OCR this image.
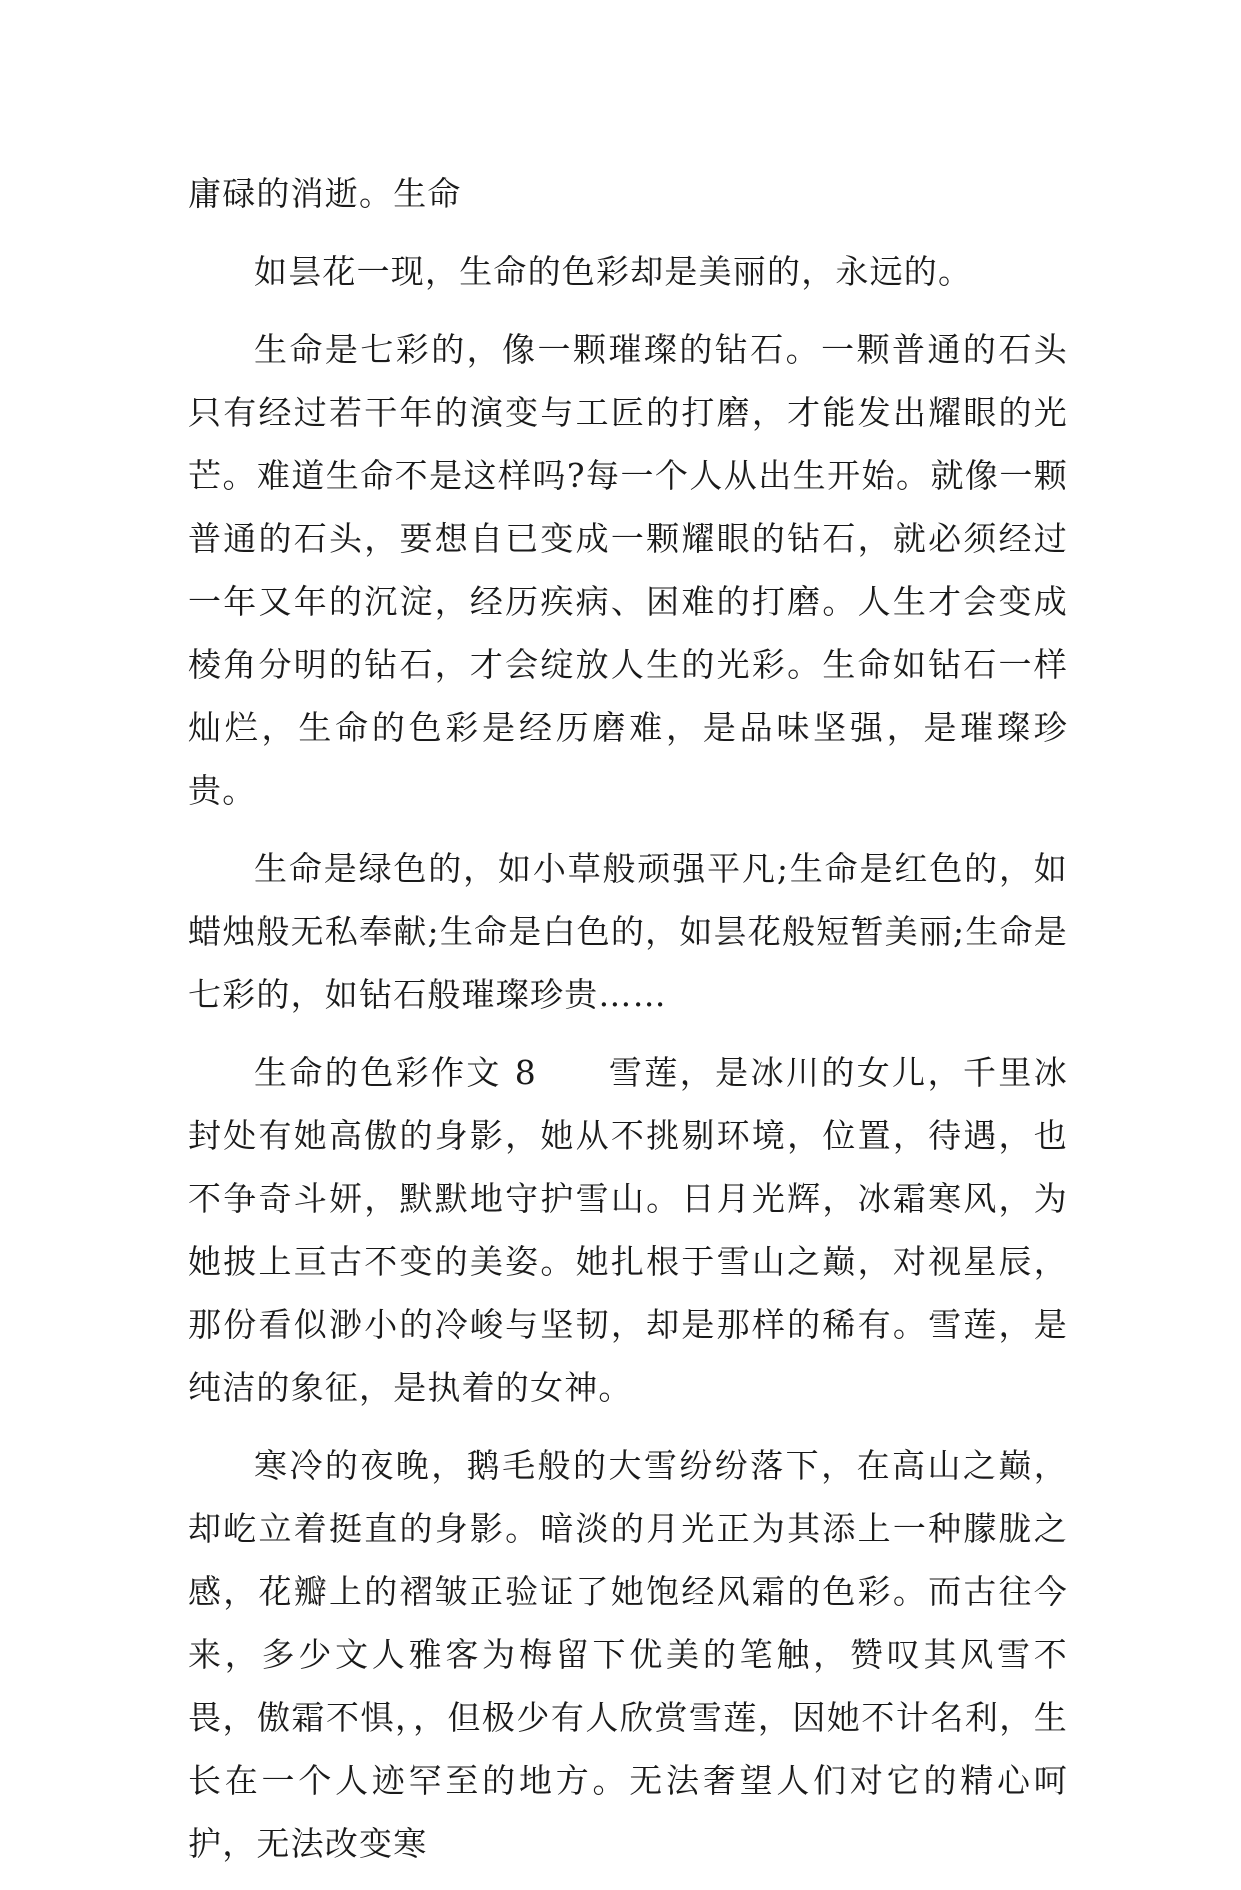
庸碌的消逝。生命

如昙花一现，生命的色彩却是美丽的，永远的。

生命是七彩的，像一颗璀璨的钻石。一颗普通的石头只有经过若干年的演变与工匠的打磨，才能发出耀眼的光芒。难道生命不是这样吗?每一个人从出生开始。就像一颗普通的石头，要想自已变成一颗耀眼的钻石，就必须经过一年又年的沉淀，经历疾病、困难的打磨。人生才会变成棱角分明的钻石，才会绽放人生的光彩。生命如钻石一样灿烂，生命的色彩是经历磨难，是品味坚强，是璀璨珍贵。

生命是绿色的，如小草般顽强平凡;生命是红色的，如蜡烛般无私奉献;生命是白色的，如昙花般短暂美丽;生命是七彩的，如钻石般璀璨珍贵……

生命的色彩作文 8　　雪莲，是冰川的女儿，千里冰封处有她高傲的身影，她从不挑剔环境，位置，待遇，也不争奇斗妍，默默地守护雪山。日月光辉，冰霜寒风，为她披上亘古不变的美姿。她扎根于雪山之巅，对视星辰，那份看似渺小的冷峻与坚韧，却是那样的稀有。雪莲，是纯洁的象征，是执着的女神。

寒冷的夜晚，鹅毛般的大雪纷纷落下，在高山之巅，却屹立着挺直的身影。暗淡的月光正为其添上一种朦胧之感，花瓣上的褶皱正验证了她饱经风霜的色彩。而古往今来，多少文人雅客为梅留下优美的笔触，赞叹其风雪不畏，傲霜不惧，，但极少有人欣赏雪莲，因她不计名利，生长在一个人迹罕至的地方。无法奢望人们对它的精心呵护，无法改变寒
